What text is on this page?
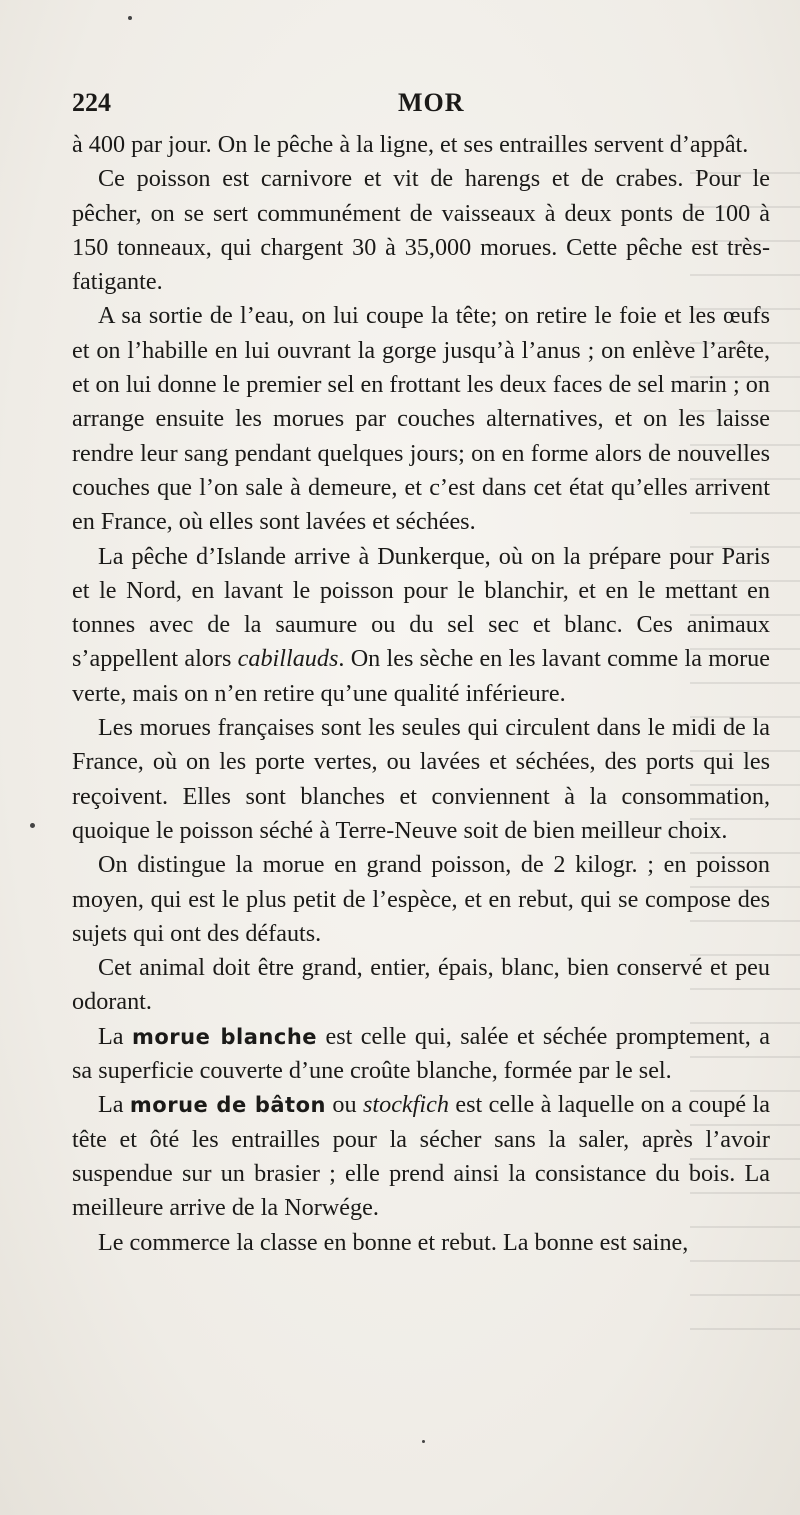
224	MOR

à 400 par jour. On le pêche à la ligne, et ses entrailles servent d’appât.

Ce poisson est carnivore et vit de harengs et de crabes. Pour le pêcher, on se sert communément de vaisseaux à deux ponts de 100 à 150 tonneaux, qui chargent 30 à 35,000 morues. Cette pêche est très-fatigante.

A sa sortie de l’eau, on lui coupe la tête; on retire le foie et les œufs et on l’habille en lui ouvrant la gorge jusqu’à l’anus ; on enlève l’arête, et on lui donne le premier sel en frottant les deux faces de sel marin ; on arrange ensuite les morues par couches alternatives, et on les laisse rendre leur sang pendant quelques jours; on en forme alors de nouvelles couches que l’on sale à demeure, et c’est dans cet état qu’elles arrivent en France, où elles sont lavées et séchées.

La pêche d’Islande arrive à Dunkerque, où on la prépare pour Paris et le Nord, en lavant le poisson pour le blanchir, et en le mettant en tonnes avec de la saumure ou du sel sec et blanc. Ces animaux s’appellent alors cabillauds. On les sèche en les lavant comme la morue verte, mais on n’en retire qu’une qualité inférieure.

Les morues françaises sont les seules qui circulent dans le midi de la France, où on les porte vertes, ou lavées et séchées, des ports qui les reçoivent. Elles sont blanches et conviennent à la consommation, quoique le poisson séché à Terre-Neuve soit de bien meilleur choix.

On distingue la morue en grand poisson, de 2 kilogr. ; en poisson moyen, qui est le plus petit de l’espèce, et en rebut, qui se compose des sujets qui ont des défauts.

Cet animal doit être grand, entier, épais, blanc, bien conservé et peu odorant.

La morue blanche est celle qui, salée et séchée promptement, a sa superficie couverte d’une croûte blanche, formée par le sel.

La morue de bâton ou stockfich est celle à laquelle on a coupé la tête et ôté les entrailles pour la sécher sans la saler, après l’avoir suspendue sur un brasier ; elle prend ainsi la consistance du bois. La meilleure arrive de la Norwége.

Le commerce la classe en bonne et rebut. La bonne est saine,
